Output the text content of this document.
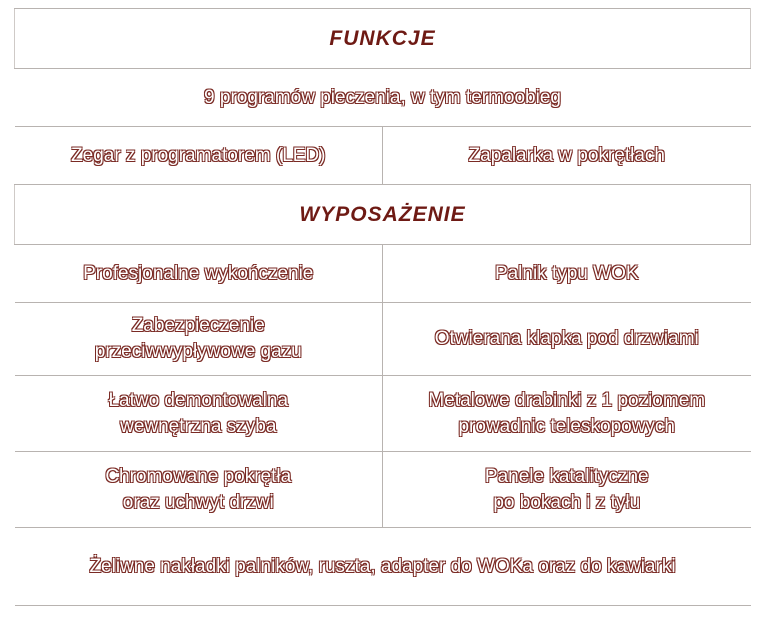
FUNKCJE	
9 programów pieczenia, w tym termoobieg	
Zegar z programatorem (LED)	Zapalarka w pokrętłach
WYPOSAŻENIE	
Profesjonalne wykończenie	Palnik typu WOK

Zabezpieczenie
przeciwwypływowe gazu	Otwierana klapka pod drzwiami

Łatwo demontowalna
wewnętrzna szyba	Metalowe drabinki z 1 poziomem
prowadnic teleskopowych

Chromowane pokrętła
oraz uchwyt drzwi	Panele katalityczne
po bokach i z tyłu

Żeliwne nakładki palników, ruszta, adapter do WOKa oraz do kawiarki	
